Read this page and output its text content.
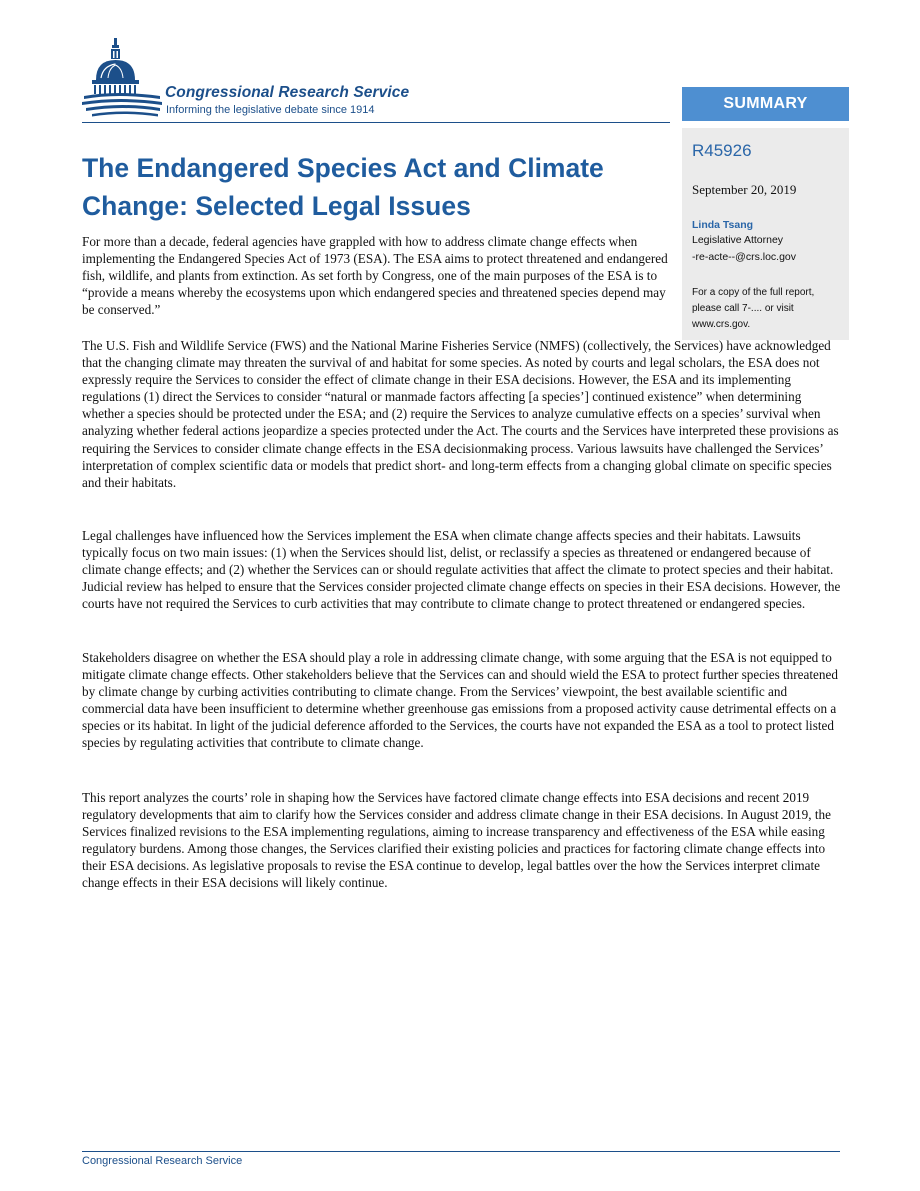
Congressional Research Service
Informing the legislative debate since 1914	SUMMARY
R45926
September 20, 2019
Linda Tsang
Legislative Attorney
-re-acte--@crs.loc.gov
For a copy of the full report, please call 7-.... or visit www.crs.gov.
The Endangered Species Act and Climate Change: Selected Legal Issues

For more than a decade, federal agencies have grappled with how to address climate change effects when implementing the Endangered Species Act of 1973 (ESA). The ESA aims to protect threatened and endangered fish, wildlife, and plants from extinction. As set forth by Congress, one of the main purposes of the ESA is to “provide a means whereby the ecosystems upon which endangered species and threatened species depend may be conserved.”

The U.S. Fish and Wildlife Service (FWS) and the National Marine Fisheries Service (NMFS) (collectively, the Services) have acknowledged that the changing climate may threaten the survival of and habitat for some species. As noted by courts and legal scholars, the ESA does not expressly require the Services to consider the effect of climate change in their ESA decisions. However, the ESA and its implementing regulations (1) direct the Services to consider “natural or manmade factors affecting [a species’] continued existence” when determining whether a species should be protected under the ESA; and (2) require the Services to analyze cumulative effects on a species’ survival when analyzing whether federal actions jeopardize a species protected under the Act. The courts and the Services have interpreted these provisions as requiring the Services to consider climate change effects in the ESA decisionmaking process. Various lawsuits have challenged the Services’ interpretation of complex scientific data or models that predict short- and long-term effects from a changing global climate on specific species and their habitats.

Legal challenges have influenced how the Services implement the ESA when climate change affects species and their habitats. Lawsuits typically focus on two main issues: (1) when the Services should list, delist, or reclassify a species as threatened or endangered because of climate change effects; and (2) whether the Services can or should regulate activities that affect the climate to protect species and their habitat. Judicial review has helped to ensure that the Services consider projected climate change effects on species in their ESA decisions. However, the courts have not required the Services to curb activities that may contribute to climate change to protect threatened or endangered species.

Stakeholders disagree on whether the ESA should play a role in addressing climate change, with some arguing that the ESA is not equipped to mitigate climate change effects. Other stakeholders believe that the Services can and should wield the ESA to protect further species threatened by climate change by curbing activities contributing to climate change. From the Services’ viewpoint, the best available scientific and commercial data have been insufficient to determine whether greenhouse gas emissions from a proposed activity cause detrimental effects on a species or its habitat. In light of the judicial deference afforded to the Services, the courts have not expanded the ESA as a tool to protect listed species by regulating activities that contribute to climate change.

This report analyzes the courts’ role in shaping how the Services have factored climate change effects into ESA decisions and recent 2019 regulatory developments that aim to clarify how the Services consider and address climate change in their ESA decisions. In August 2019, the Services finalized revisions to the ESA implementing regulations, aiming to increase transparency and effectiveness of the ESA while easing regulatory burdens. Among those changes, the Services clarified their existing policies and practices for factoring climate change effects into their ESA decisions. As legislative proposals to revise the ESA continue to develop, legal battles over the how the Services interpret climate change effects in their ESA decisions will likely continue.

Congressional Research Service
